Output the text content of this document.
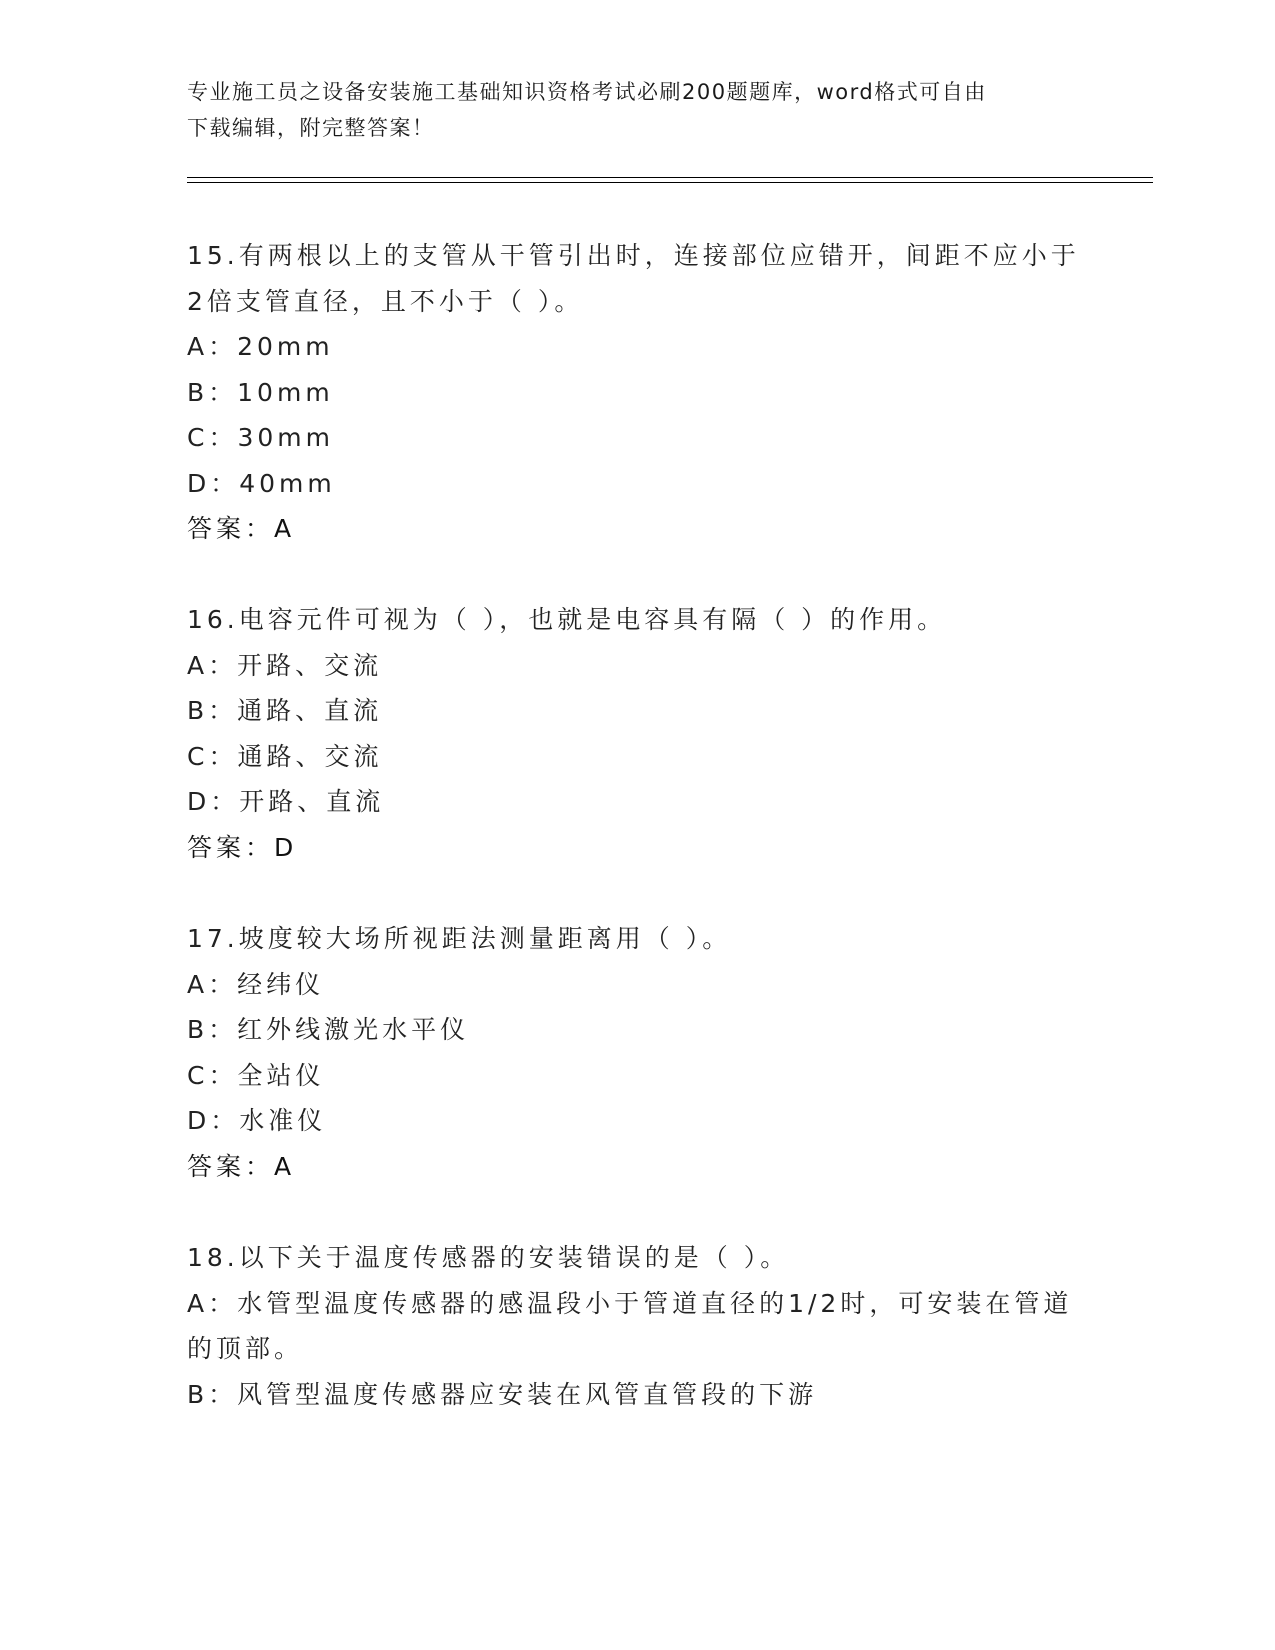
专业施工员之设备安装施工基础知识资格考试必刷200题题库，word格式可自由
下载编辑，附完整答案！
15.有两根以上的支管从干管引出时，连接部位应错开，间距不应小于
2倍支管直径，且不小于（ ）。
A：20mm
B：10mm
C：30mm
D：40mm
答案：A
16.电容元件可视为（ ），也就是电容具有隔（ ）的作用。
A：开路、交流
B：通路、直流
C：通路、交流
D：开路、直流
答案：D
17.坡度较大场所视距法测量距离用（ ）。
A：经纬仪
B：红外线激光水平仪
C：全站仪
D：水准仪
答案：A
18.以下关于温度传感器的安装错误的是（ ）。
A：水管型温度传感器的感温段小于管道直径的1/2时，可安装在管道
的顶部。
B：风管型温度传感器应安装在风管直管段的下游
